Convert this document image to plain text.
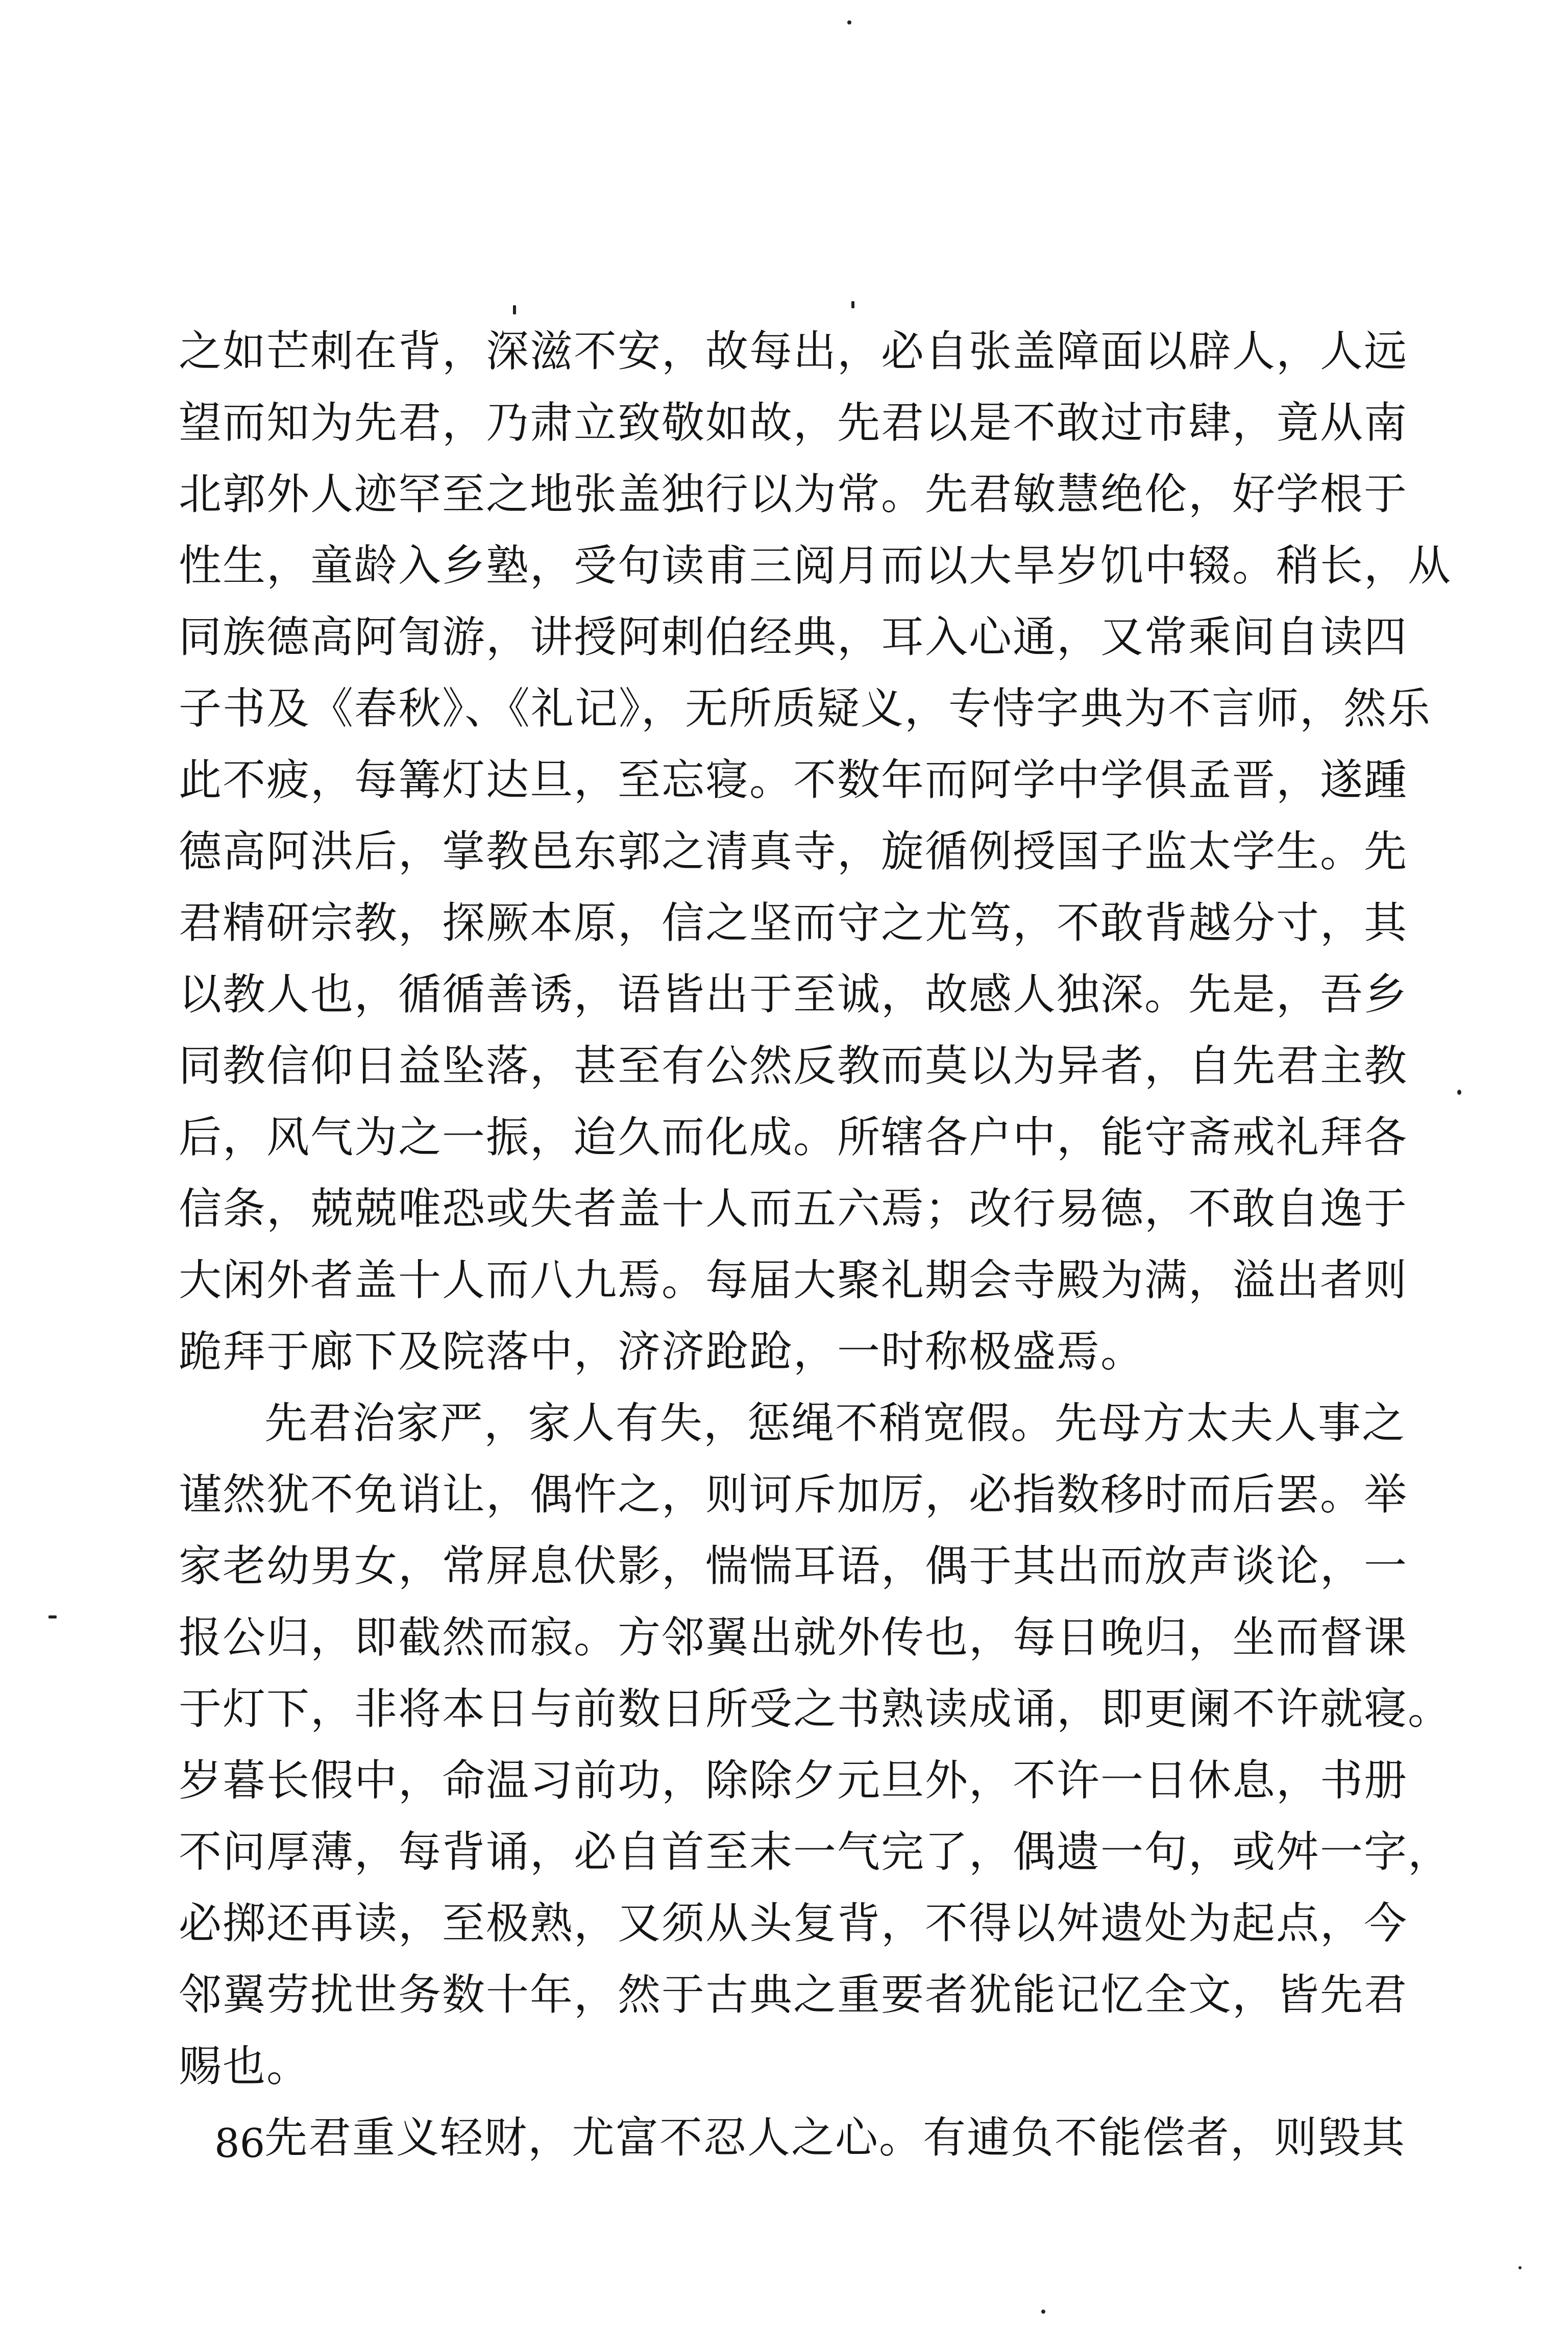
之如芒刺在背，深滋不安，故每出，必自张盖障面以辟人，人远
望而知为先君，乃肃立致敬如故，先君以是不敢过市肆，竟从南
北郭外人迹罕至之地张盖独行以为常。先君敏慧绝伦，好学根于
性生，童龄入乡塾，受句读甫三阅月而以大旱岁饥中辍。稍长，从
同族德高阿訇游，讲授阿剌伯经典，耳入心通，又常乘间自读四
子书及《春秋》、《礼记》，无所质疑义，专恃字典为不言师，然乐
此不疲，每篝灯达旦，至忘寝。不数年而阿学中学俱孟晋，遂踵
德高阿洪后，掌教邑东郭之清真寺，旋循例授国子监太学生。先
君精研宗教，探厥本原，信之坚而守之尤笃，不敢背越分寸，其
以教人也，循循善诱，语皆出于至诚，故感人独深。先是，吾乡
同教信仰日益坠落，甚至有公然反教而莫以为异者，自先君主教
后，风气为之一振，迨久而化成。所辖各户中，能守斋戒礼拜各
信条，兢兢唯恐或失者盖十人而五六焉；改行易德，不敢自逸于
大闲外者盖十人而八九焉。每届大聚礼期会寺殿为满，溢出者则
跪拜于廊下及院落中，济济跄跄，一时称极盛焉。
先君治家严，家人有失，惩绳不稍宽假。先母方太夫人事之
谨然犹不免诮让，偶忤之，则诃斥加厉，必指数移时而后罢。举
家老幼男女，常屏息伏影，惴惴耳语，偶于其出而放声谈论，一
报公归，即截然而寂。方邻翼出就外传也，每日晚归，坐而督课
于灯下，非将本日与前数日所受之书熟读成诵，即更阑不许就寝。
岁暮长假中，命温习前功，除除夕元旦外，不许一日休息，书册
不问厚薄，每背诵，必自首至末一气完了，偶遗一句，或舛一字，
必掷还再读，至极熟，又须从头复背，不得以舛遗处为起点，今
邻翼劳扰世务数十年，然于古典之重要者犹能记忆全文，皆先君
赐也。
先君重义轻财，尤富不忍人之心。有逋负不能偿者，则毁其
86
